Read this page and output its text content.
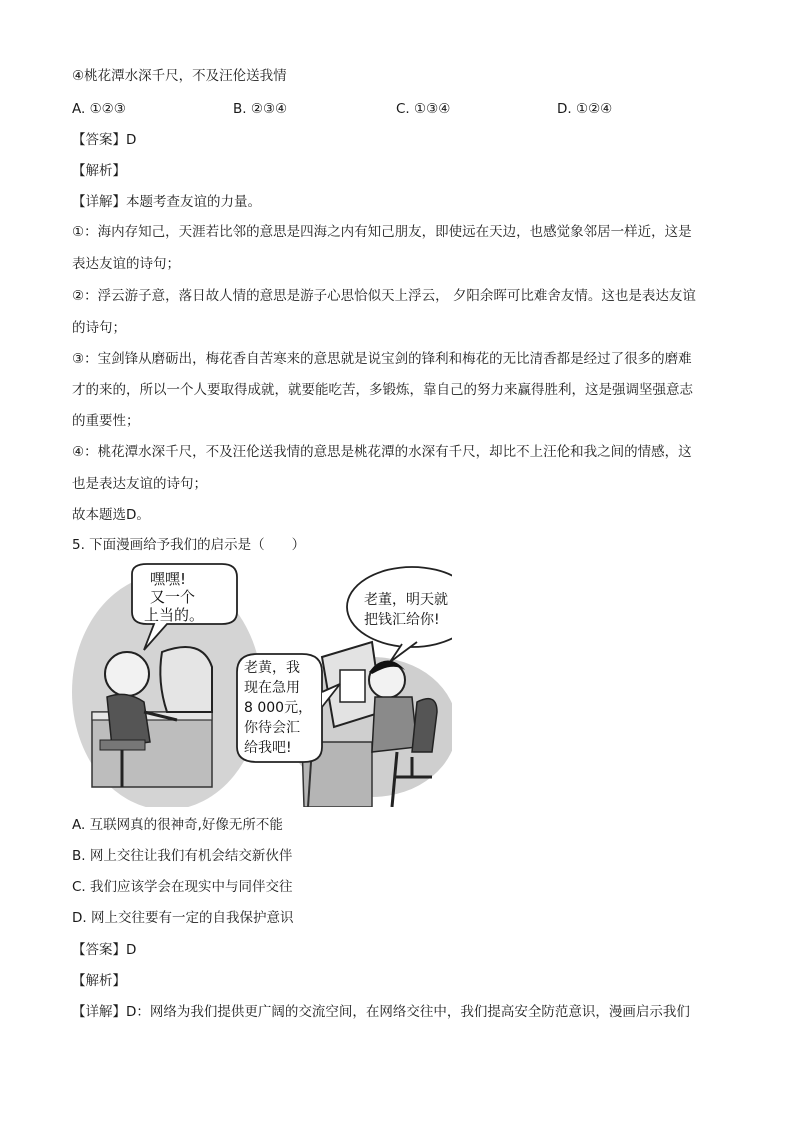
④桃花潭水深千尺，不及汪伦送我情
A. ①②③	B. ②③④	C. ①③④	D. ①②④
【答案】D
【解析】
【详解】本题考查友谊的力量。
①：海内存知己，天涯若比邻的意思是四海之内有知己朋友，即使远在天边，也感觉象邻居一样近，这是
表达友谊的诗句；
②：浮云游子意，落日故人情的意思是游子心思恰似天上浮云， 夕阳余晖可比难舍友情。这也是表达友谊
的诗句；
③：宝剑锋从磨砺出，梅花香自苦寒来的意思就是说宝剑的锋利和梅花的无比清香都是经过了很多的磨难
才的来的，所以一个人要取得成就，就要能吃苦，多锻炼，靠自己的努力来赢得胜利，这是强调坚强意志
的重要性；
④：桃花潭水深千尺，不及汪伦送我情的意思是桃花潭的水深有千尺，却比不上汪伦和我之间的情感，这
也是表达友谊的诗句；
故本题选D。
5. 下面漫画给予我们的启示是（　　）
嘿嘿!
又一个
上当的。
老董，明天就
把钱汇给你!
老黄，我
现在急用
8 000元，
你待会汇
给我吧!
A. 互联网真的很神奇,好像无所不能
B. 网上交往让我们有机会结交新伙伴
C. 我们应该学会在现实中与同伴交往
D. 网上交往要有一定的自我保护意识
【答案】D
【解析】
【详解】D：网络为我们提供更广阔的交流空间，在网络交往中，我们提高安全防范意识，漫画启示我们
